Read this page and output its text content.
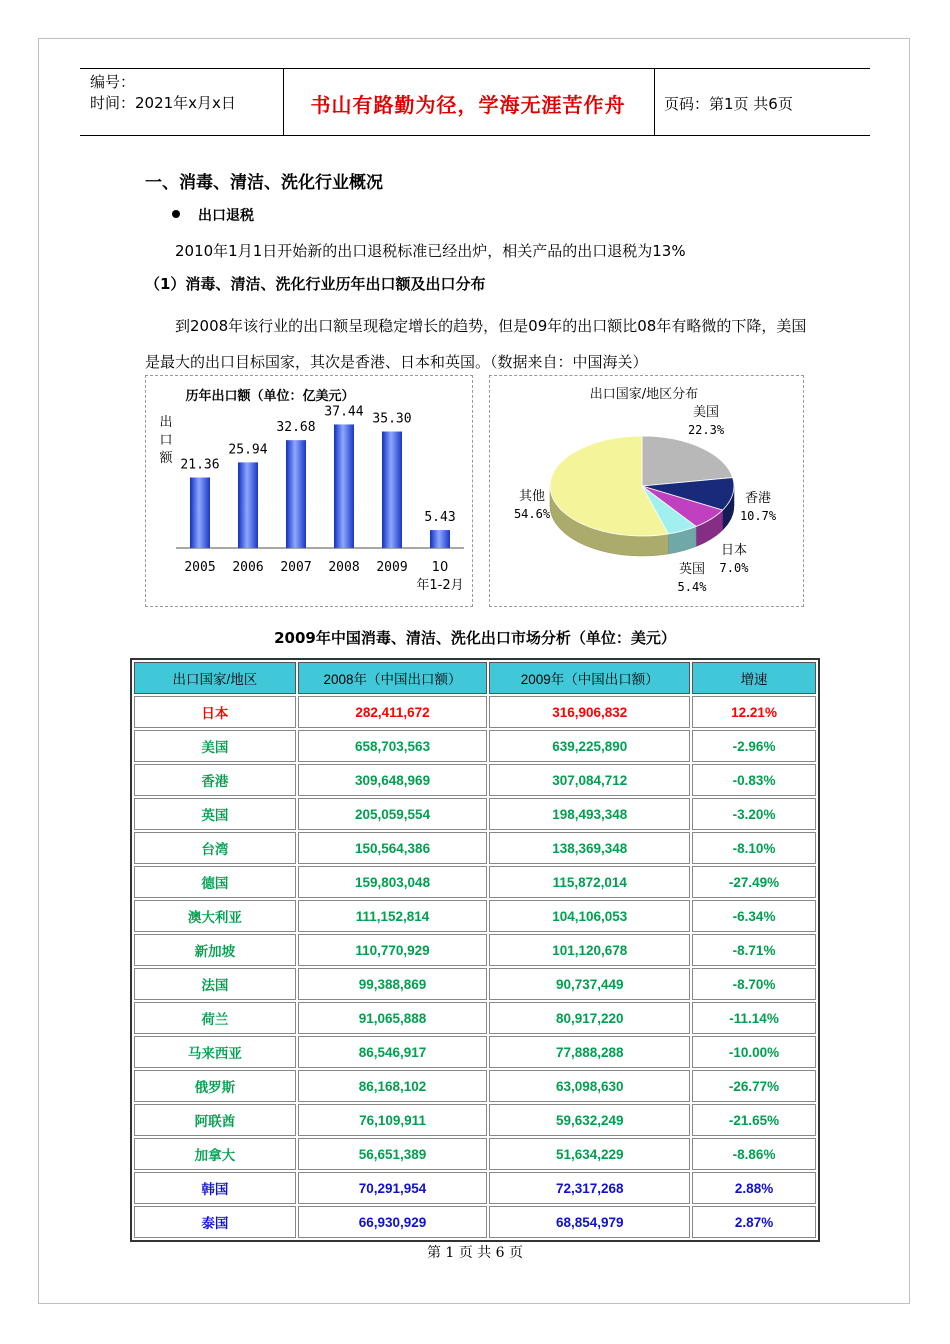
编号：
时间：2021年x月x日	书山有路勤为径，学海无涯苦作舟	页码：第1页 共6页
一、消毒、清洁、洗化行业概况
出口退税
2010年1月1日开始新的出口退税标准已经出炉，相关产品的出口退税为13%
（1）消毒、清洁、洗化行业历年出口额及出口分布
到2008年该行业的出口额呈现稳定增长的趋势，但是09年的出口额比08年有略微的下降，美国是最大的出口目标国家，其次是香港、日本和英国。（数据来自：中国海关）
历年出口额（单位：亿美元）
出
口
额 21.36
2005
25.94
2006
32.68
2007
37.44
2008
35.30
2009
5.43
10
年1-2月
出口国家/地区分布
美国
22.3%
香港
10.7%
日本
7.0%
英国
5.4%
其他
54.6%
2009年中国消毒、清洁、洗化出口市场分析（单位：美元）
出口国家/地区	2008年（中国出口额）	2009年（中国出口额）	增速
日本	282,411,672	316,906,832	12.21%
美国	658,703,563	639,225,890	-2.96%
香港	309,648,969	307,084,712	-0.83%
英国	205,059,554	198,493,348	-3.20%
台湾	150,564,386	138,369,348	-8.10%
德国	159,803,048	115,872,014	-27.49%
澳大利亚	111,152,814	104,106,053	-6.34%
新加坡	110,770,929	101,120,678	-8.71%
法国	99,388,869	90,737,449	-8.70%
荷兰	91,065,888	80,917,220	-11.14%
马来西亚	86,546,917	77,888,288	-10.00%
俄罗斯	86,168,102	63,098,630	-26.77%
阿联酋	76,109,911	59,632,249	-21.65%
加拿大	56,651,389	51,634,229	-8.86%
韩国	70,291,954	72,317,268	2.88%
泰国	66,930,929	68,854,979	2.87%
第 1 页 共 6 页
